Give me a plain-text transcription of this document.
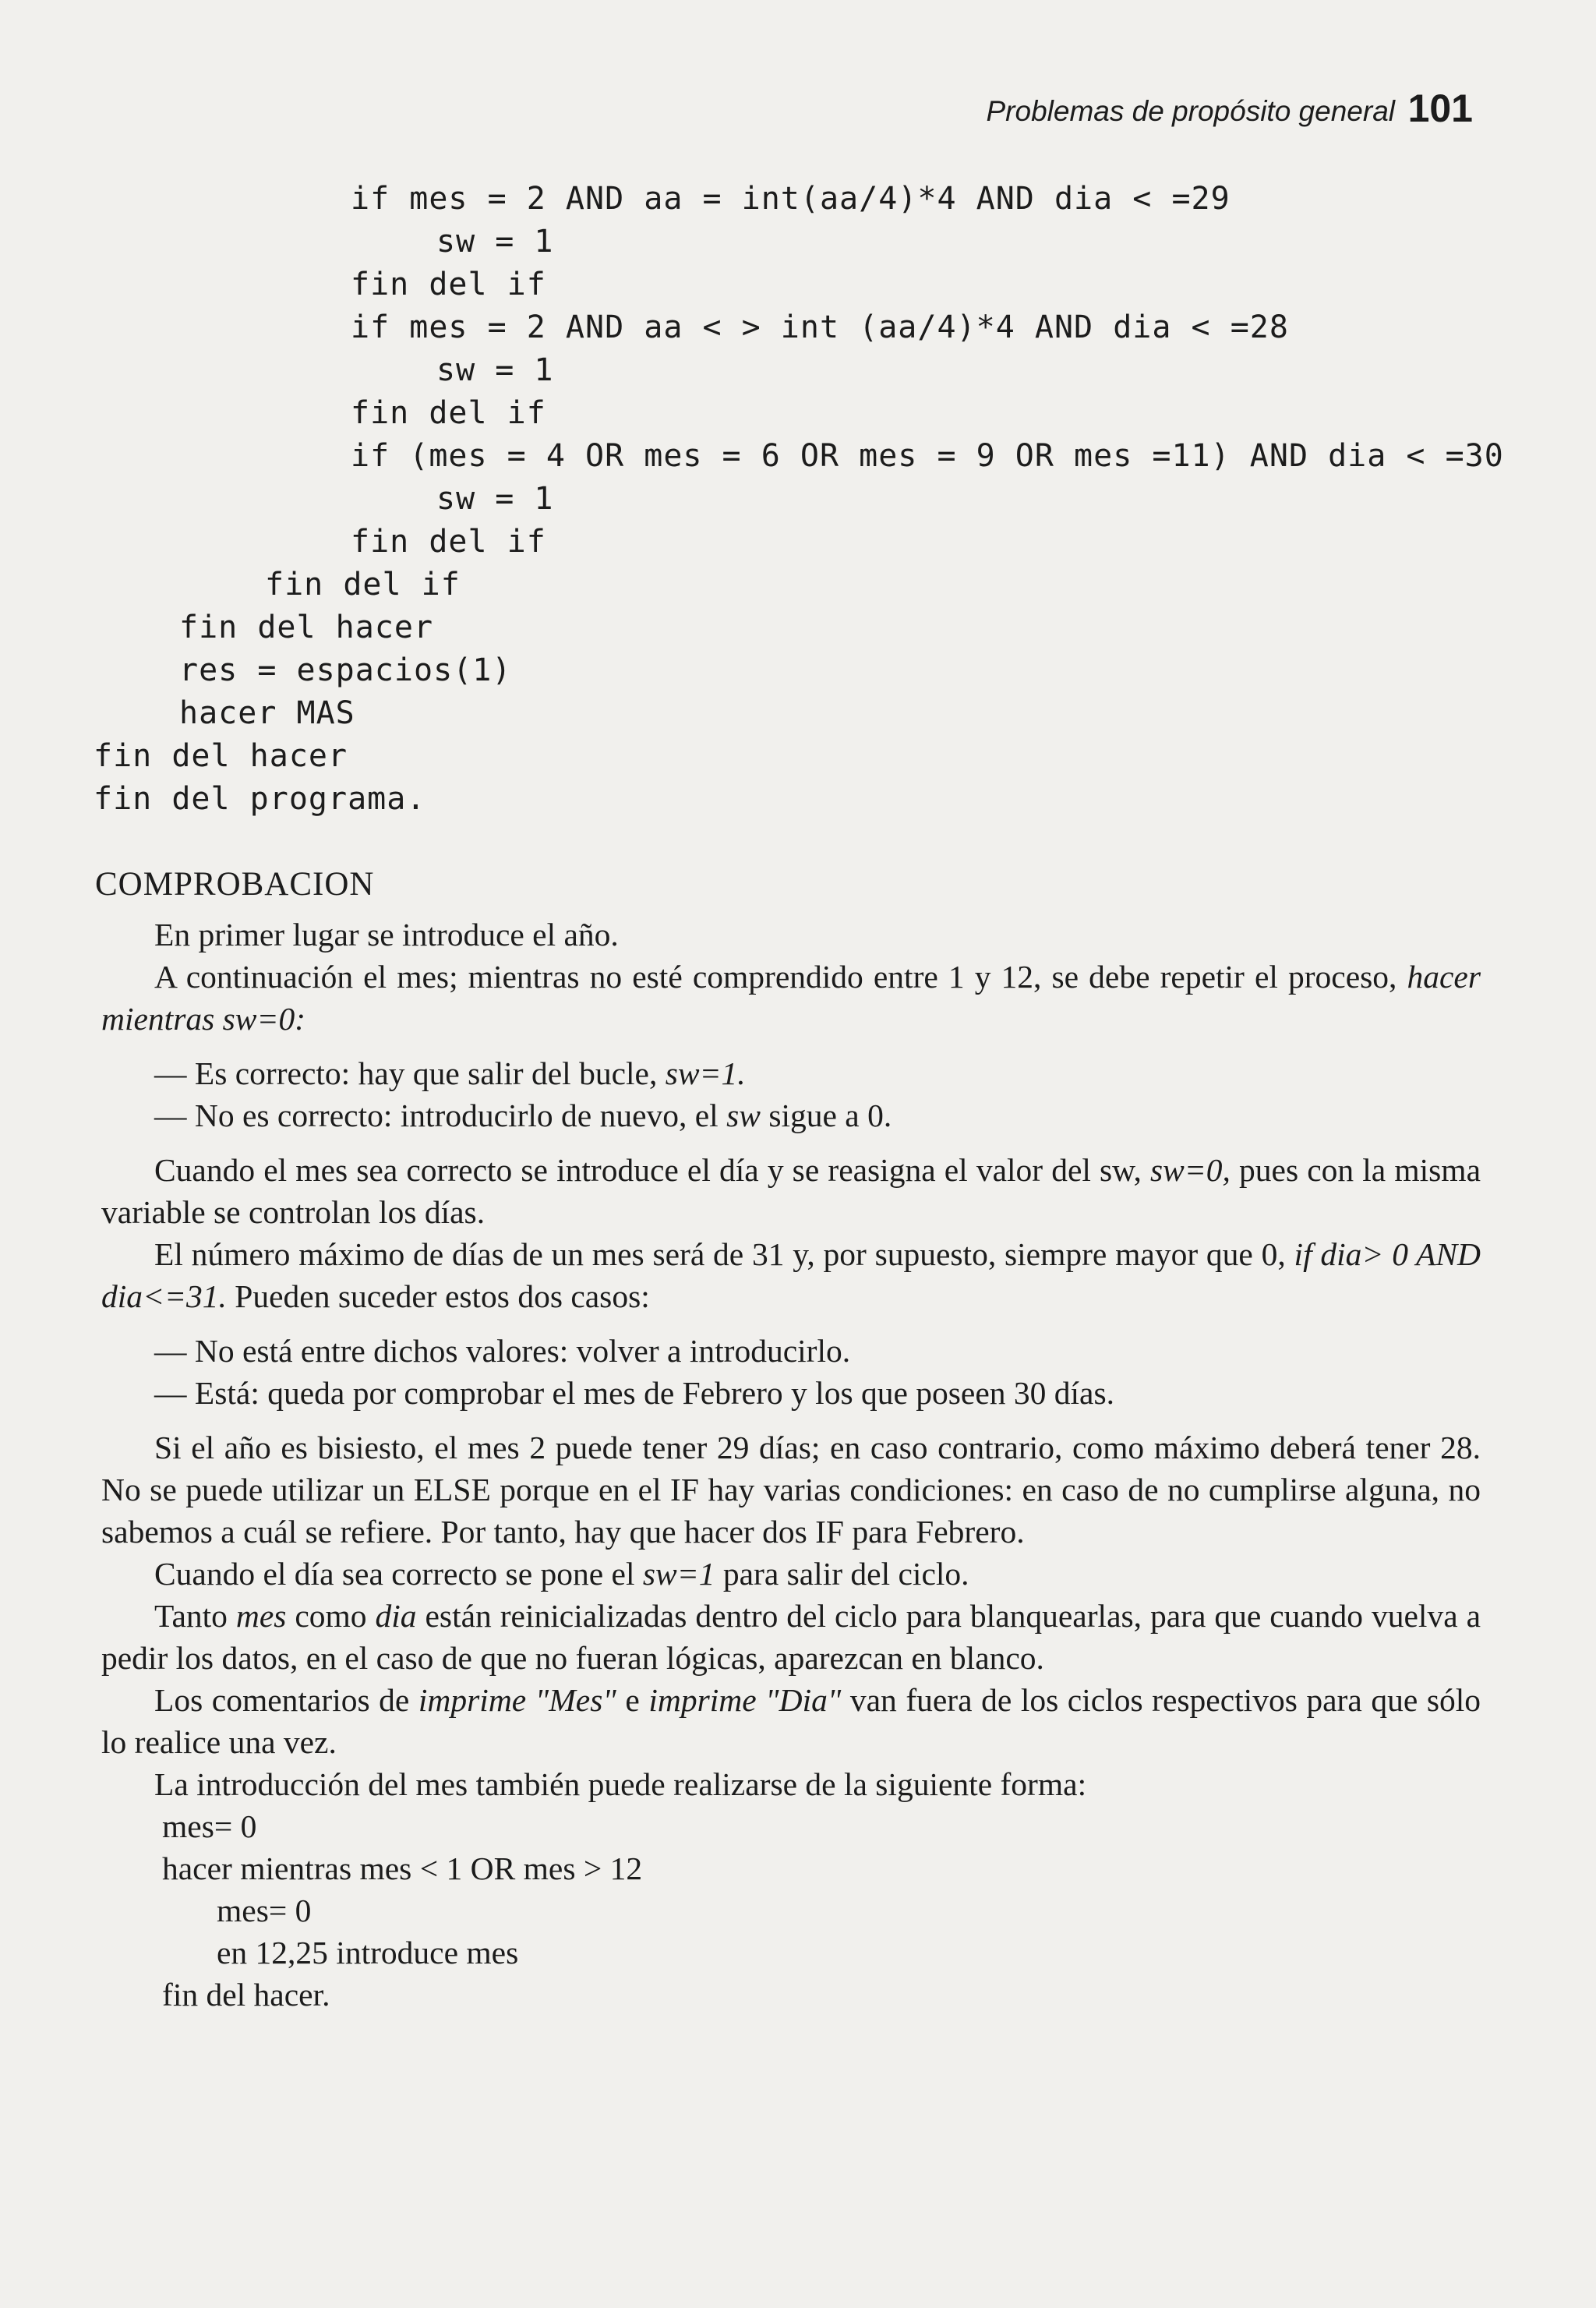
Problemas de propósito general 101
if mes = 2 AND aa = int(aa/4)*4 AND dia < =29
sw = 1
fin del if
if mes = 2 AND aa < > int (aa/4)*4 AND dia < =28
sw = 1
fin del if
if (mes = 4 OR mes = 6 OR mes = 9 OR mes =11) AND dia < =30
sw = 1
fin del if
fin del if
fin del hacer
res = espacios(1)
hacer MAS
fin del hacer
fin del programa.
COMPROBACION

En primer lugar se introduce el año.

A continuación el mes; mientras no esté comprendido entre 1 y 12, se debe repetir el proceso, hacer mientras sw=0:

— Es correcto: hay que salir del bucle, sw=1.

— No es correcto: introducirlo de nuevo, el sw sigue a 0.

Cuando el mes sea correcto se introduce el día y se reasigna el valor del sw, sw=0, pues con la misma variable se controlan los días.

El número máximo de días de un mes será de 31 y, por supuesto, siempre mayor que 0, if dia> 0 AND dia<=31. Pueden suceder estos dos casos:

— No está entre dichos valores: volver a introducirlo.

— Está: queda por comprobar el mes de Febrero y los que poseen 30 días.

Si el año es bisiesto, el mes 2 puede tener 29 días; en caso contrario, como máximo deberá tener 28. No se puede utilizar un ELSE porque en el IF hay varias condiciones: en caso de no cumplirse alguna, no sabemos a cuál se refiere. Por tanto, hay que hacer dos IF para Febrero.

Cuando el día sea correcto se pone el sw=1 para salir del ciclo.

Tanto mes como dia están reinicializadas dentro del ciclo para blanquearlas, para que cuando vuelva a pedir los datos, en el caso de que no fueran lógicas, aparezcan en blanco.

Los comentarios de imprime "Mes" e imprime "Dia" van fuera de los ciclos respectivos para que sólo lo realice una vez.

La introducción del mes también puede realizarse de la siguiente forma:

mes= 0

hacer mientras mes < 1 OR mes > 12

mes= 0

en 12,25 introduce mes

fin del hacer.
